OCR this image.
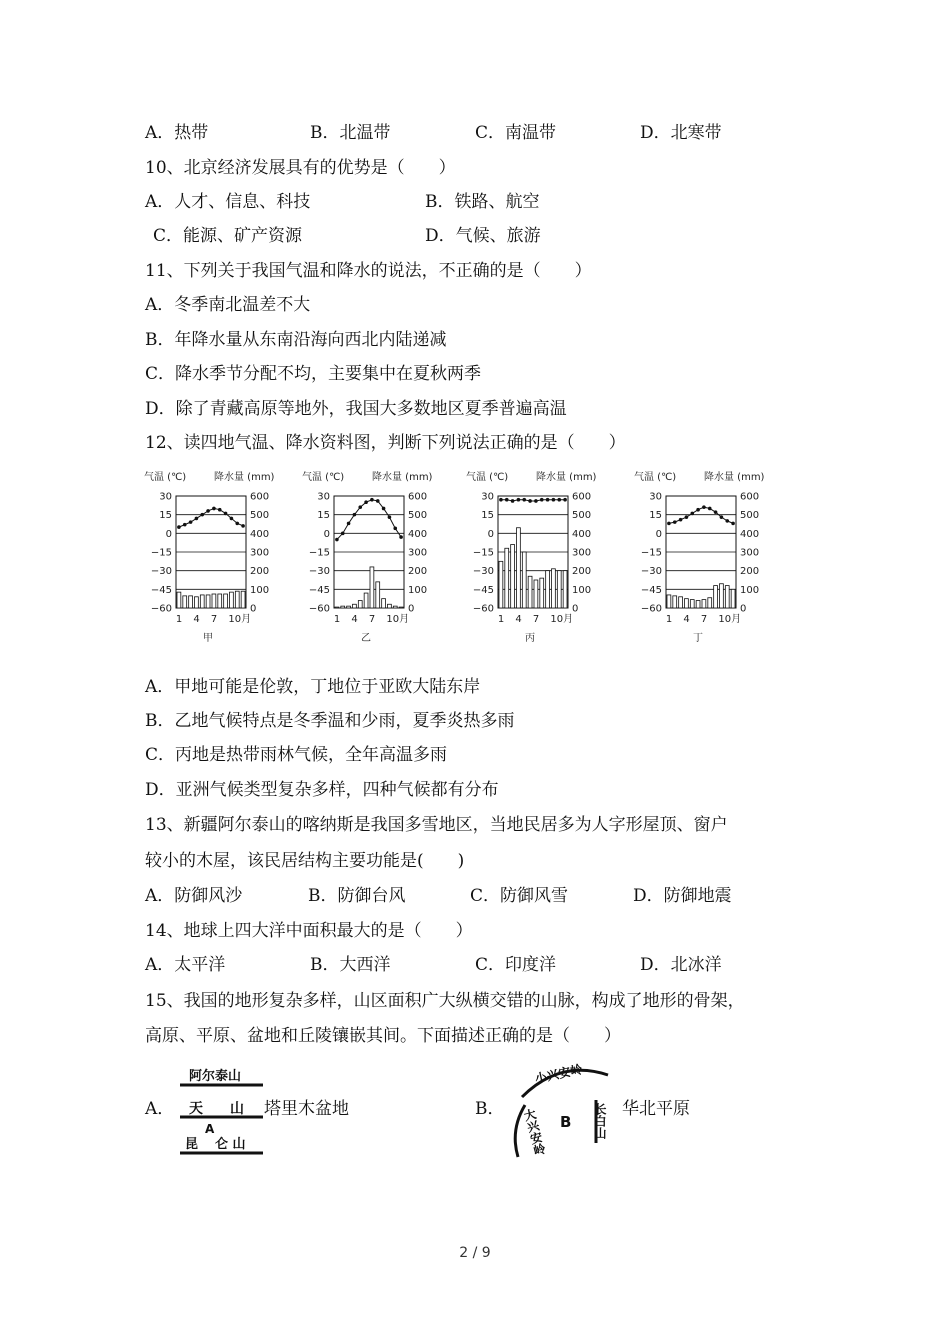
A．热带	B．北温带	C．南温带	D．北寒带
10、北京经济发展具有的优势是（　　）
A．人才、信息、科技	B．铁路、航空
C．能源、矿产资源	D．气候、旅游
11、下列关于我国气温和降水的说法，不正确的是（　　）
A．冬季南北温差不大
B．年降水量从东南沿海向西北内陆递减
C．降水季节分配不均，主要集中在夏秋两季
D．除了青藏高原等地外，我国大多数地区夏季普遍高温
12、读四地气温、降水资料图，判断下列说法正确的是（　　）
气温 (℃)	降水量 (mm)
30
15
0
−15
−30
−45
−60
600
500
400
300
200
100
0
1 4 7 10月
甲
气温 (℃)	降水量 (mm)
30
15
0
−15
−30
−45
−60
600
500
400
300
200
100
0
1 4 7 10月
乙
气温 (℃)	降水量 (mm)
30
15
0
−15
−30
−45
−60
600
500
400
300
200
100
0
1 4 7 10月
丙
气温 (℃)	降水量 (mm)
30
15
0
−15
−30
−45
−60
600
500
400
300
200
100
0
1 4 7 10月
丁
A．甲地可能是伦敦，丁地位于亚欧大陆东岸
B．乙地气候特点是冬季温和少雨，夏季炎热多雨
C．丙地是热带雨林气候，全年高温多雨
D．亚洲气候类型复杂多样，四种气候都有分布
13、新疆阿尔泰山的喀纳斯是我国多雪地区，当地民居多为人字形屋顶、窗户
较小的木屋，该民居结构主要功能是(　　)
A．防御风沙	B．防御台风	C．防御风雪	D．防御地震
14、地球上四大洋中面积最大的是（　　）
A．太平洋	B．大西洋	C．印度洋	D．北冰洋
15、我国的地形复杂多样，山区面积广大纵横交错的山脉，构成了地形的骨架，
高原、平原、盆地和丘陵镶嵌其间。下面描述正确的是（　　）
A．
阿尔泰山
天 山
A
昆 仑 山
塔里木盆地	B．
小兴安岭
大兴安岭 B 长白山 华北平原
2 / 9
